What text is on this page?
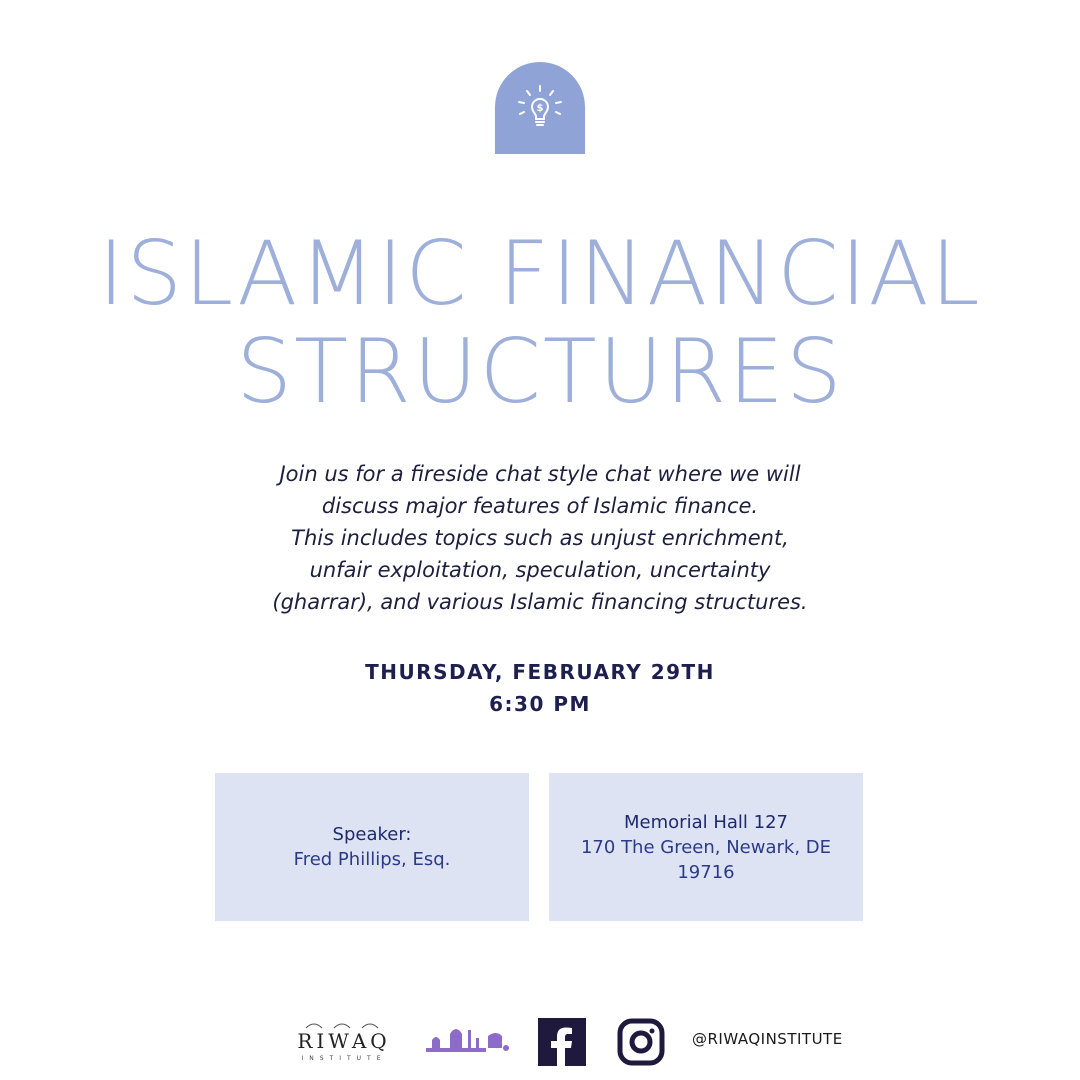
$
ISLAMIC FINANCIAL
STRUCTURES

Join us for a fireside chat style chat where we will
discuss major features of Islamic finance.
This includes topics such as unjust enrichment,
unfair exploitation, speculation, uncertainty
(gharrar), and various Islamic financing structures.

THURSDAY, FEBRUARY 29TH
6:30 PM
Speaker:
Fred Phillips, Esq.
Memorial Hall 127
170 The Green, Newark, DE
19716
RIWAQ
INSTITUTE
@RIWAQINSTITUTE
